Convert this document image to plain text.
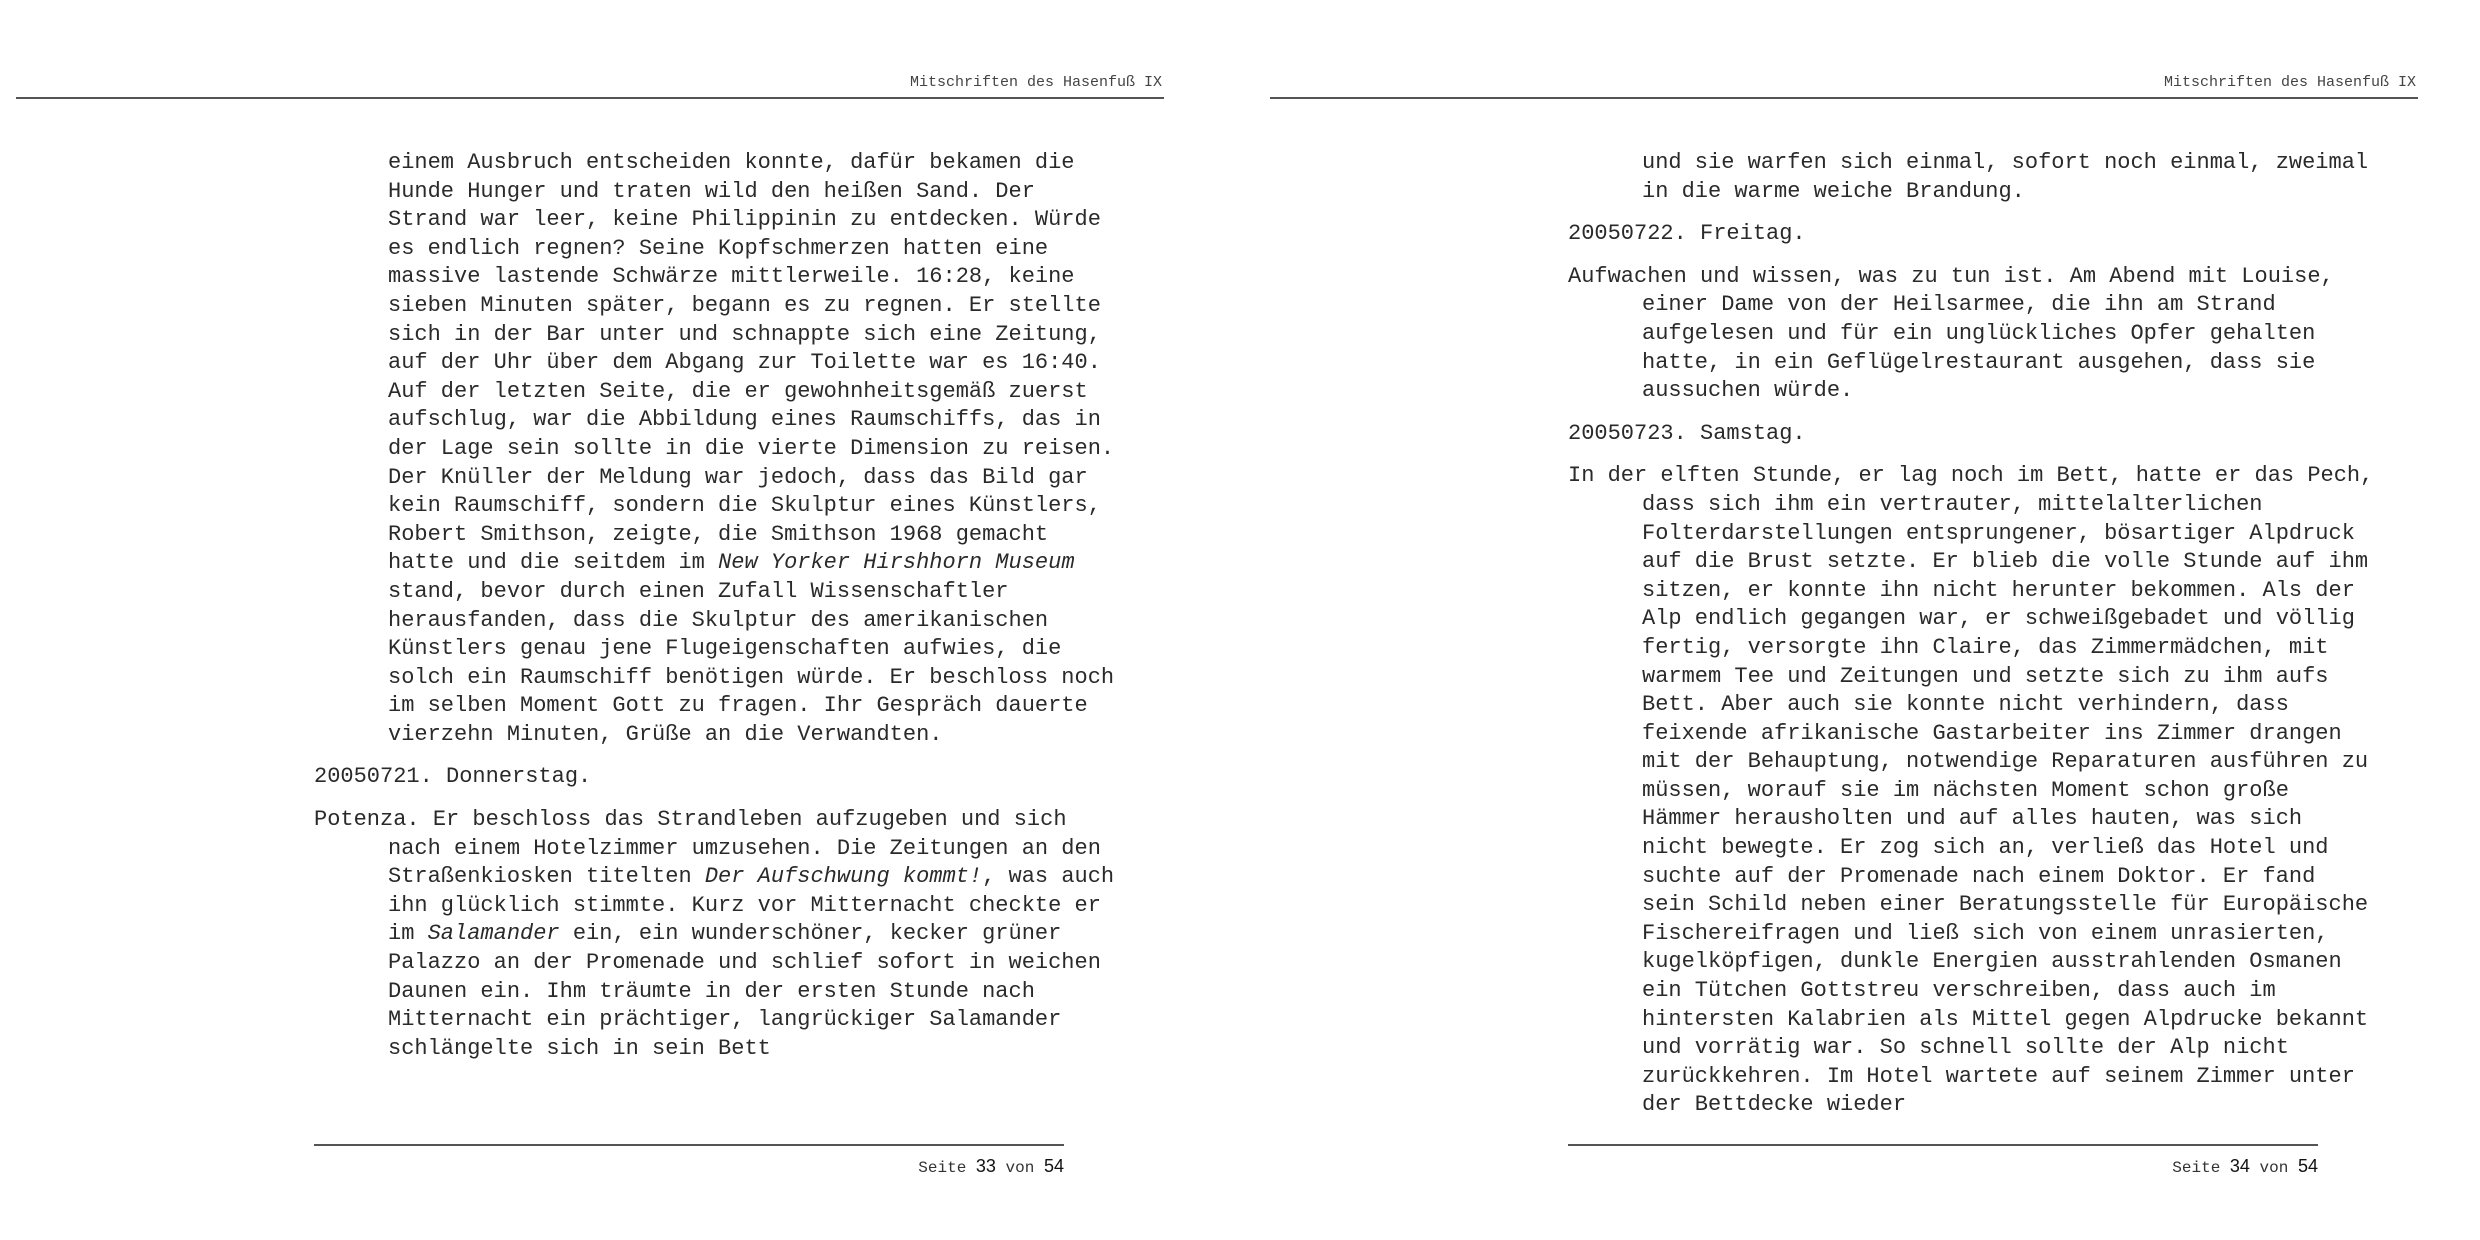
Mitschriften des Hasenfuß IX

einem Ausbruch entscheiden konnte, dafür bekamen die Hunde Hunger und traten wild den heißen Sand. Der Strand war leer, keine Philippinin zu entdecken. Würde es endlich regnen? Seine Kopfschmerzen hatten eine massive lastende Schwärze mittlerweile. 16:28, keine sieben Minuten später, begann es zu regnen. Er stellte sich in der Bar unter und schnappte sich eine Zeitung, auf der Uhr über dem Abgang zur Toilette war es 16:40. Auf der letzten Seite, die er gewohnheitsgemäß zuerst aufschlug, war die Abbildung eines Raumschiffs, das in der Lage sein sollte in die vierte Dimension zu reisen. Der Knüller der Meldung war jedoch, dass das Bild gar kein Raumschiff, sondern die Skulptur eines Künstlers, Robert Smithson, zeigte, die Smithson 1968 gemacht hatte und die seitdem im New Yorker Hirshhorn Museum stand, bevor durch einen Zufall Wissenschaftler herausfanden, dass die Skulptur des amerikanischen Künstlers genau jene Flugeigenschaften aufwies, die solch ein Raumschiff benötigen würde. Er beschloss noch im selben Moment Gott zu fragen. Ihr Gespräch dauerte vierzehn Minuten, Grüße an die Verwandten.

20050721. Donnerstag.

Potenza. Er beschloss das Strandleben aufzugeben und sich nach einem Hotelzimmer umzusehen. Die Zeitungen an den Straßenkiosken titelten Der Aufschwung kommt!, was auch ihn glücklich stimmte. Kurz vor Mitternacht checkte er im Salamander ein, ein wunderschöner, kecker grüner Palazzo an der Promenade und schlief sofort in weichen Daunen ein. Ihm träumte in der ersten Stunde nach Mitternacht ein prächtiger, langrückiger Salamander schlängelte sich in sein Bett

Seite 33 von 54
Mitschriften des Hasenfuß IX

und sie warfen sich einmal, sofort noch einmal, zweimal in die warme weiche Brandung.

20050722. Freitag.

Aufwachen und wissen, was zu tun ist. Am Abend mit Louise, einer Dame von der Heilsarmee, die ihn am Strand aufgelesen und für ein unglückliches Opfer gehalten hatte, in ein Geflügelrestaurant ausgehen, dass sie aussuchen würde.

20050723. Samstag.

In der elften Stunde, er lag noch im Bett, hatte er das Pech, dass sich ihm ein vertrauter, mittelalterlichen Folterdarstellungen entsprungener, bösartiger Alpdruck auf die Brust setzte. Er blieb die volle Stunde auf ihm sitzen, er konnte ihn nicht herunter bekommen. Als der Alp endlich gegangen war, er schweißgebadet und völlig fertig, versorgte ihn Claire, das Zimmermädchen, mit warmem Tee und Zeitungen und setzte sich zu ihm aufs Bett. Aber auch sie konnte nicht verhindern, dass feixende afrikanische Gastarbeiter ins Zimmer drangen mit der Behauptung, notwendige Reparaturen ausführen zu müssen, worauf sie im nächsten Moment schon große Hämmer herausholten und auf alles hauten, was sich nicht bewegte. Er zog sich an, verließ das Hotel und suchte auf der Promenade nach einem Doktor. Er fand sein Schild neben einer Beratungsstelle für Europäische Fischereifragen und ließ sich von einem unrasierten, kugelköpfigen, dunkle Energien ausstrahlenden Osmanen ein Tütchen Gottstreu verschreiben, dass auch im hintersten Kalabrien als Mittel gegen Alpdrucke bekannt und vorrätig war. So schnell sollte der Alp nicht zurückkehren. Im Hotel wartete auf seinem Zimmer unter der Bettdecke wieder

Seite 34 von 54
